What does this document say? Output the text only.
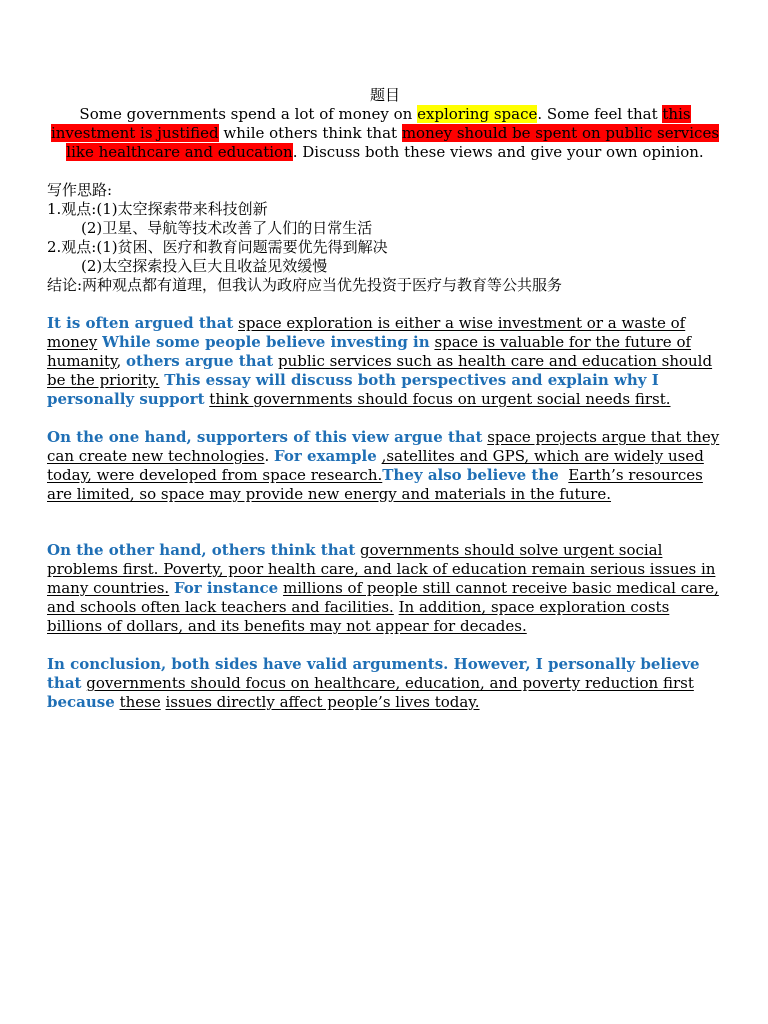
题目
Some governments spend a lot of money on exploring space. Some feel that this investment is justified while others think that money should be spent on public services like healthcare and education. Discuss both these views and give your own opinion.
写作思路:
1.观点:(1)太空探索带来科技创新
(2)卫星、导航等技术改善了人们的日常生活
2.观点:(1)贫困、医疗和教育问题需要优先得到解决
(2)太空探索投入巨大且收益见效缓慢
结论:两种观点都有道理，但我认为政府应当优先投资于医疗与教育等公共服务

It is often argued that space exploration is either a wise investment or a waste of money While some people believe investing in space is valuable for the future of humanity, others argue that public services such as health care and education should be the priority. This essay will discuss both perspectives and explain why I personally support think governments should focus on urgent social needs first.

On the one hand, supporters of this view argue that space projects argue that they can create new technologies. For example ,satellites and GPS, which are widely used today, were developed from space research.They also believe the Earth’s resources are limited, so space may provide new energy and materials in the future.

On the other hand, others think that governments should solve urgent social problems first. Poverty, poor health care, and lack of education remain serious issues in many countries. For instance millions of people still cannot receive basic medical care, and schools often lack teachers and facilities. In addition, space exploration costs billions of dollars, and its benefits may not appear for decades.

In conclusion, both sides have valid arguments. However, I personally believe that governments should focus on healthcare, education, and poverty reduction first because these issues directly affect people’s lives today.
